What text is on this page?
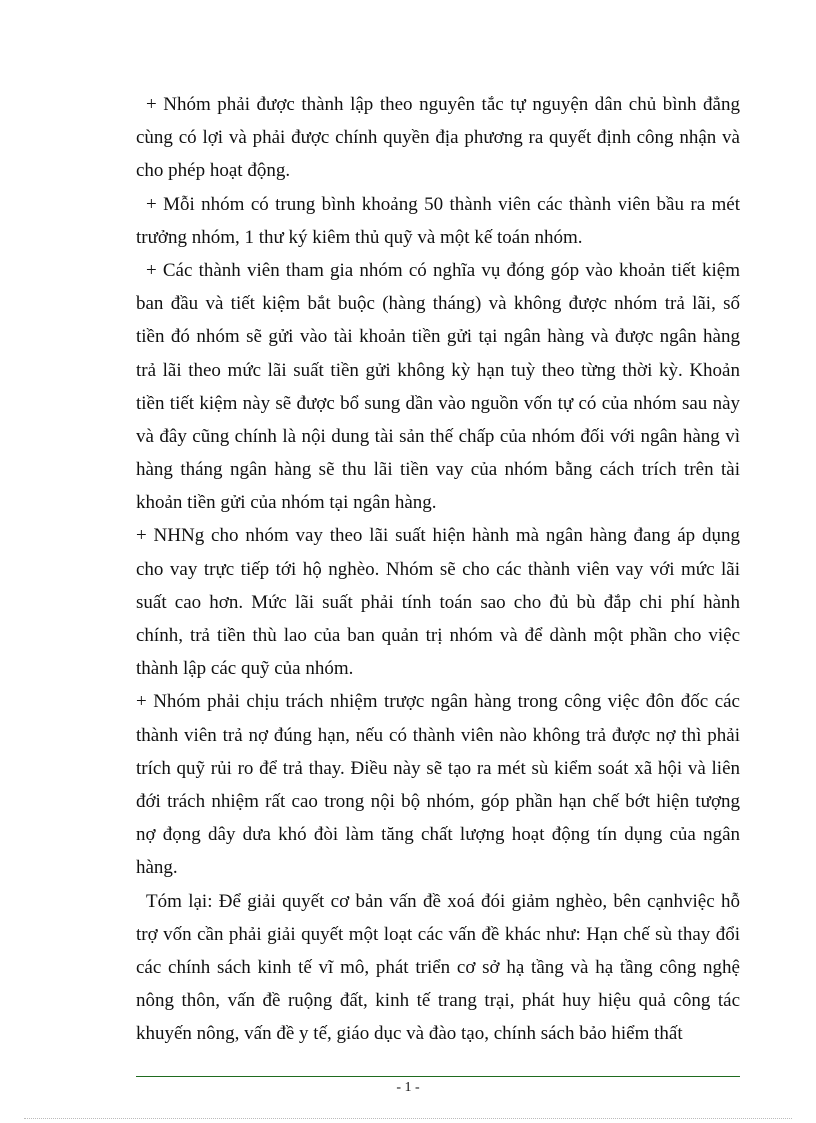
+ Nhóm phải được thành lập theo nguyên tắc tự nguyện dân chủ bình đẳng
cùng có lợi và phải được chính quyền địa phương ra quyết định công nhận và
cho phép hoạt động.
+ Mỗi nhóm có trung bình khoảng 50 thành viên các thành viên bầu ra mét
trưởng nhóm, 1 thư ký kiêm thủ quỹ và một kế toán nhóm.
+ Các thành viên tham gia nhóm có nghĩa vụ đóng góp vào khoản tiết kiệm
ban đầu và tiết kiệm bắt buộc (hàng tháng) và không được nhóm trả lãi, số
tiền đó nhóm sẽ gửi vào tài khoản tiền gửi tại ngân hàng và được ngân hàng
trả lãi theo mức lãi suất tiền gửi không kỳ hạn tuỳ theo từng thời kỳ. Khoản
tiền tiết kiệm này sẽ được bổ sung dần vào nguồn vốn tự có của nhóm sau này
và đây cũng chính là nội dung tài sản thế chấp của nhóm đối với ngân hàng vì
hàng tháng ngân hàng sẽ thu lãi tiền vay của nhóm bằng cách trích trên tài
khoản tiền gửi của nhóm tại ngân hàng.
+ NHNg cho nhóm vay theo lãi suất hiện hành mà ngân hàng đang áp dụng
cho vay trực tiếp tới hộ nghèo. Nhóm sẽ cho các thành viên vay với mức lãi
suất cao hơn. Mức lãi suất phải tính toán sao cho đủ bù đắp chi phí hành
chính, trả tiền thù lao của ban quản trị nhóm và để dành một phần cho việc
thành lập các quỹ của nhóm.
+ Nhóm phải chịu trách nhiệm trược ngân hàng trong công việc đôn đốc các
thành viên trả nợ đúng hạn, nếu có thành viên nào không trả được nợ thì phải
trích quỹ rủi ro để trả thay. Điều này sẽ tạo ra mét sù kiểm soát xã hội và liên
đới trách nhiệm rất cao trong nội bộ nhóm, góp phần hạn chế bớt hiện tượng
nợ đọng dây dưa khó đòi làm tăng chất lượng hoạt động tín dụng của ngân
hàng.
Tóm lại: Để giải quyết cơ bản vấn đề xoá đói giảm nghèo, bên cạnhviệc hỗ
trợ vốn cần phải giải quyết một loạt các vấn đề khác như: Hạn chế sù thay đổi
các chính sách kinh tế vĩ mô, phát triển cơ sở hạ tầng và hạ tầng công nghệ
nông thôn, vấn đề ruộng đất, kinh tế trang trại, phát huy hiệu quả công tác
khuyến nông, vấn đề y tế, giáo dục và đào tạo, chính sách bảo hiểm thất
- 1 -
